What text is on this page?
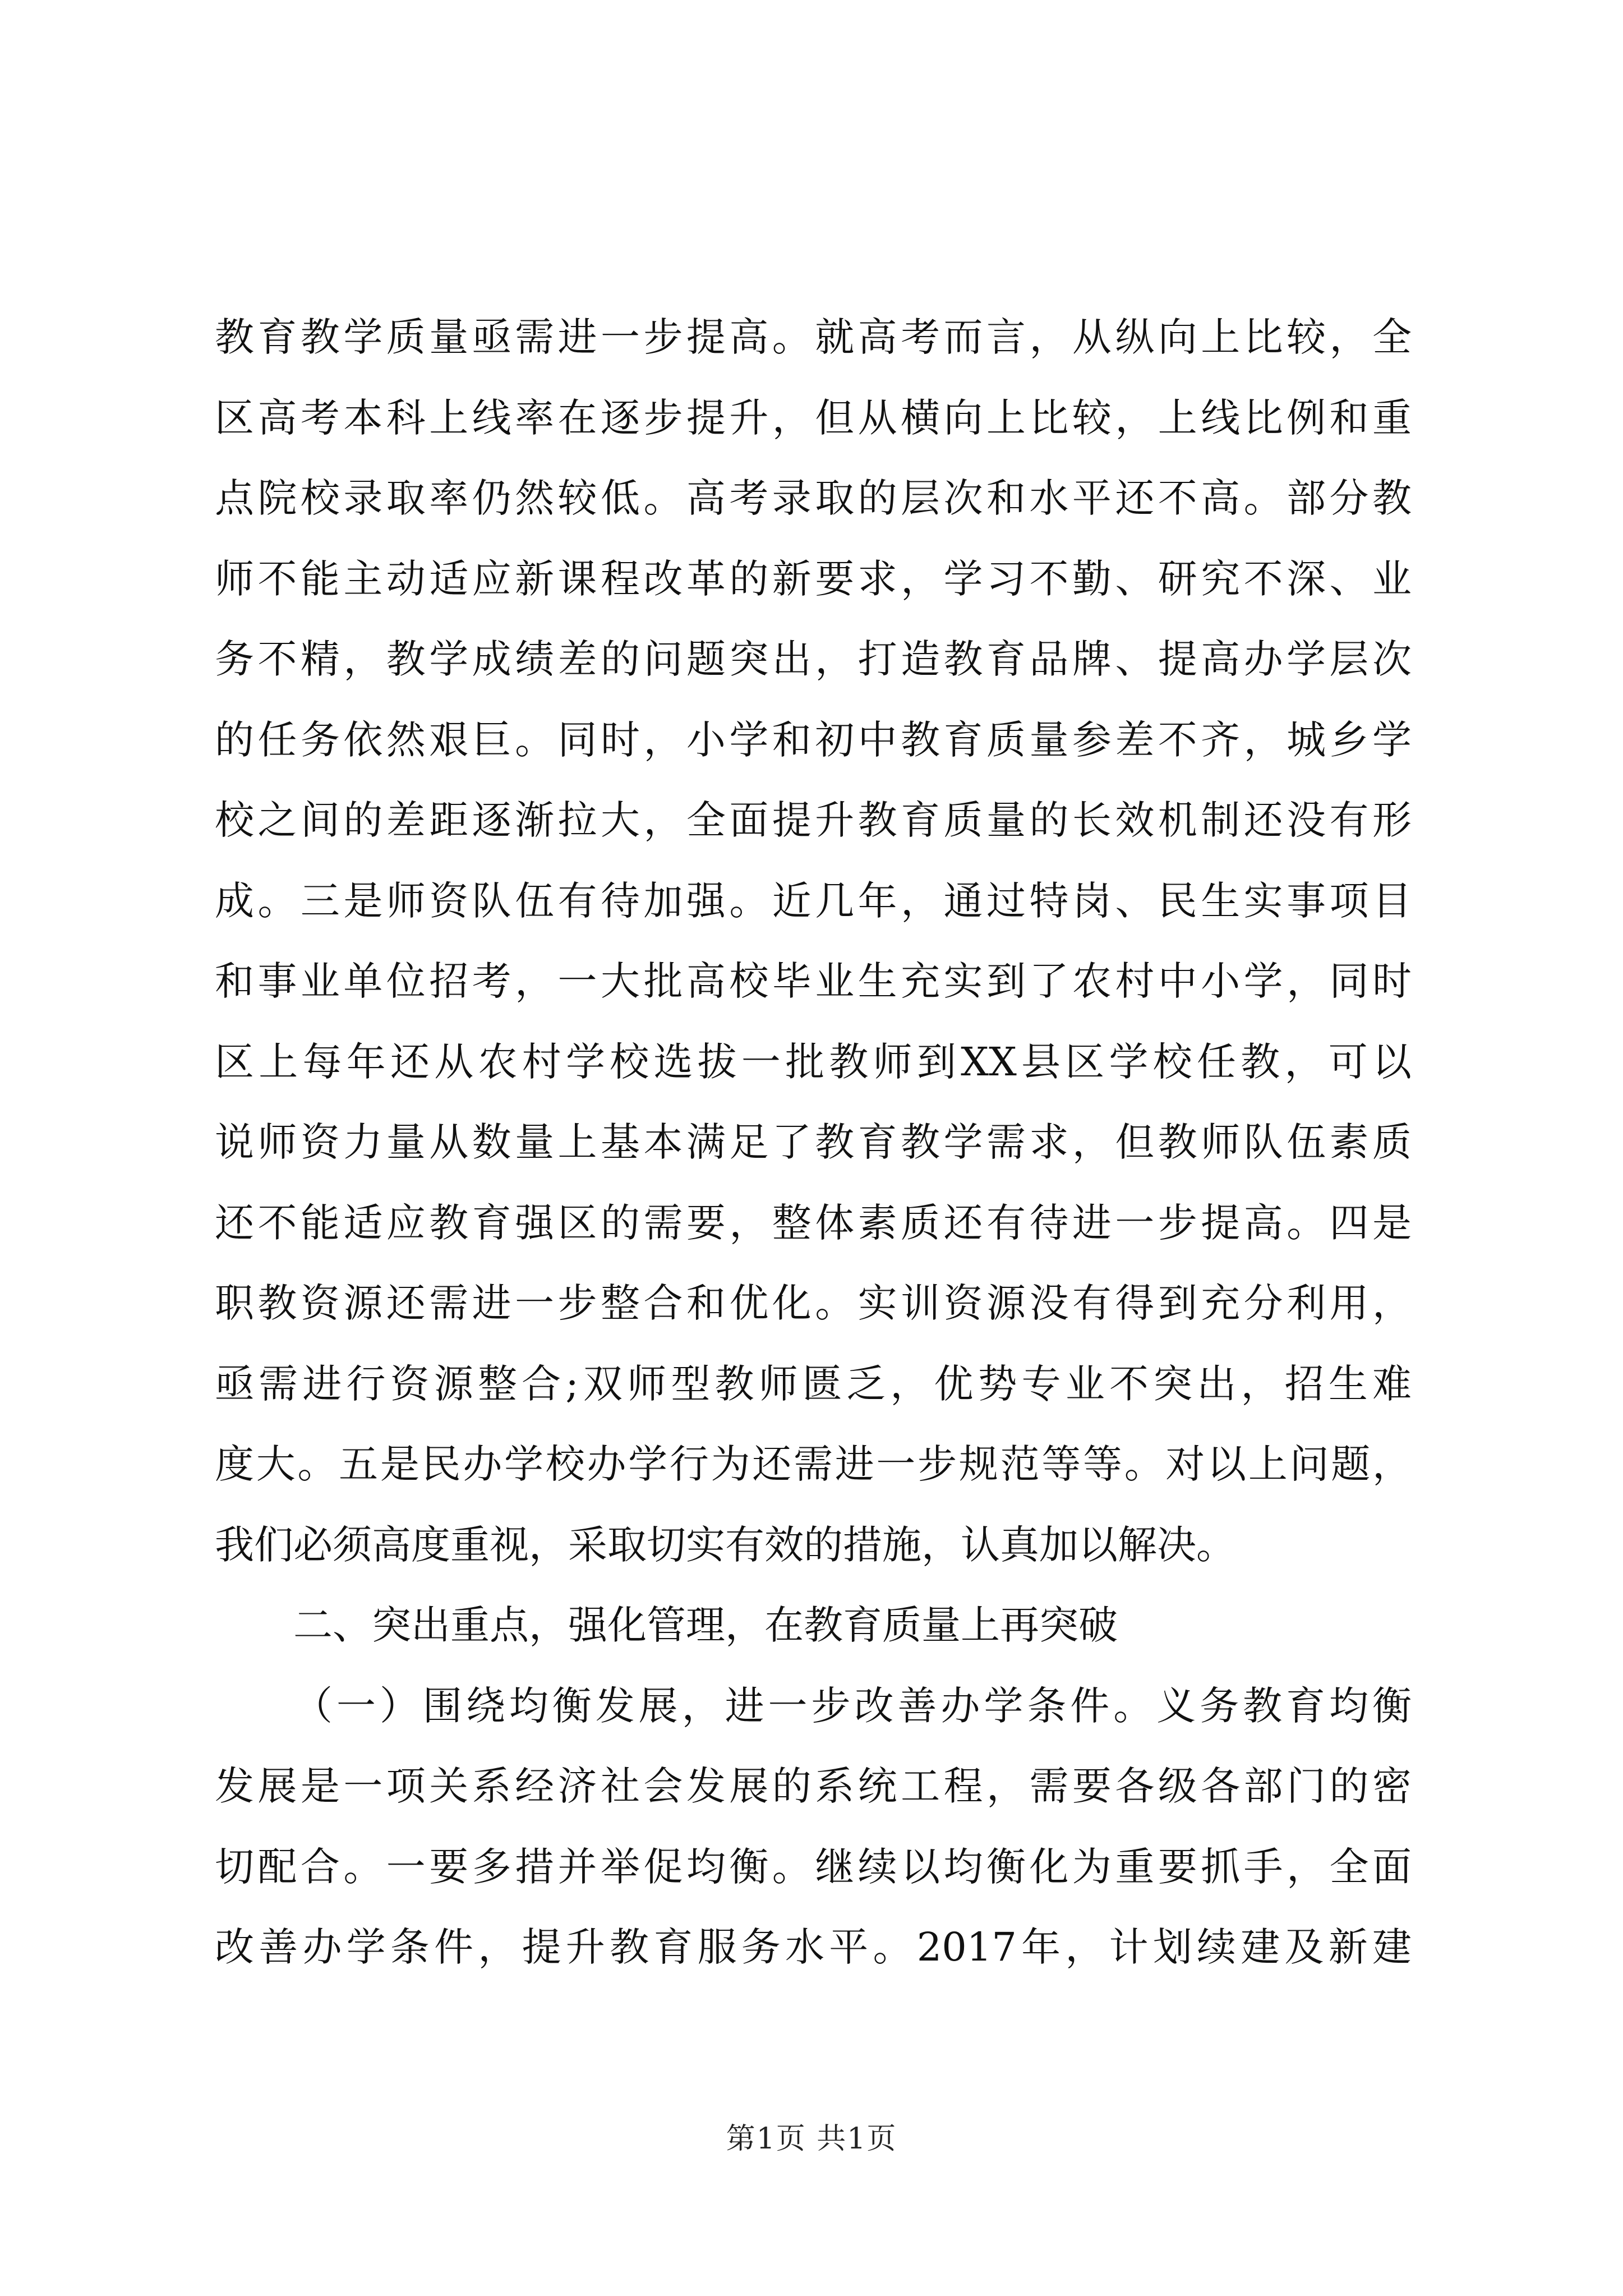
教育教学质量亟需进一步提高。就高考而言，从纵向上比较，全
区高考本科上线率在逐步提升，但从横向上比较，上线比例和重
点院校录取率仍然较低。高考录取的层次和水平还不高。部分教
师不能主动适应新课程改革的新要求，学习不勤、研究不深、业
务不精，教学成绩差的问题突出，打造教育品牌、提高办学层次
的任务依然艰巨。同时，小学和初中教育质量参差不齐，城乡学
校之间的差距逐渐拉大，全面提升教育质量的长效机制还没有形
成。三是师资队伍有待加强。近几年，通过特岗、民生实事项目
和事业单位招考，一大批高校毕业生充实到了农村中小学，同时
区上每年还从农村学校选拔一批教师到XX县区学校任教，可以
说师资力量从数量上基本满足了教育教学需求，但教师队伍素质
还不能适应教育强区的需要，整体素质还有待进一步提高。四是
职教资源还需进一步整合和优化。实训资源没有得到充分利用，
亟需进行资源整合;双师型教师匮乏，优势专业不突出，招生难
度大。五是民办学校办学行为还需进一步规范等等。对以上问题，
我们必须高度重视，采取切实有效的措施，认真加以解决。
二、突出重点，强化管理，在教育质量上再突破
（一）围绕均衡发展，进一步改善办学条件。义务教育均衡
发展是一项关系经济社会发展的系统工程，需要各级各部门的密
切配合。一要多措并举促均衡。继续以均衡化为重要抓手，全面
改善办学条件，提升教育服务水平。2017年，计划续建及新建
第1页 共1页
